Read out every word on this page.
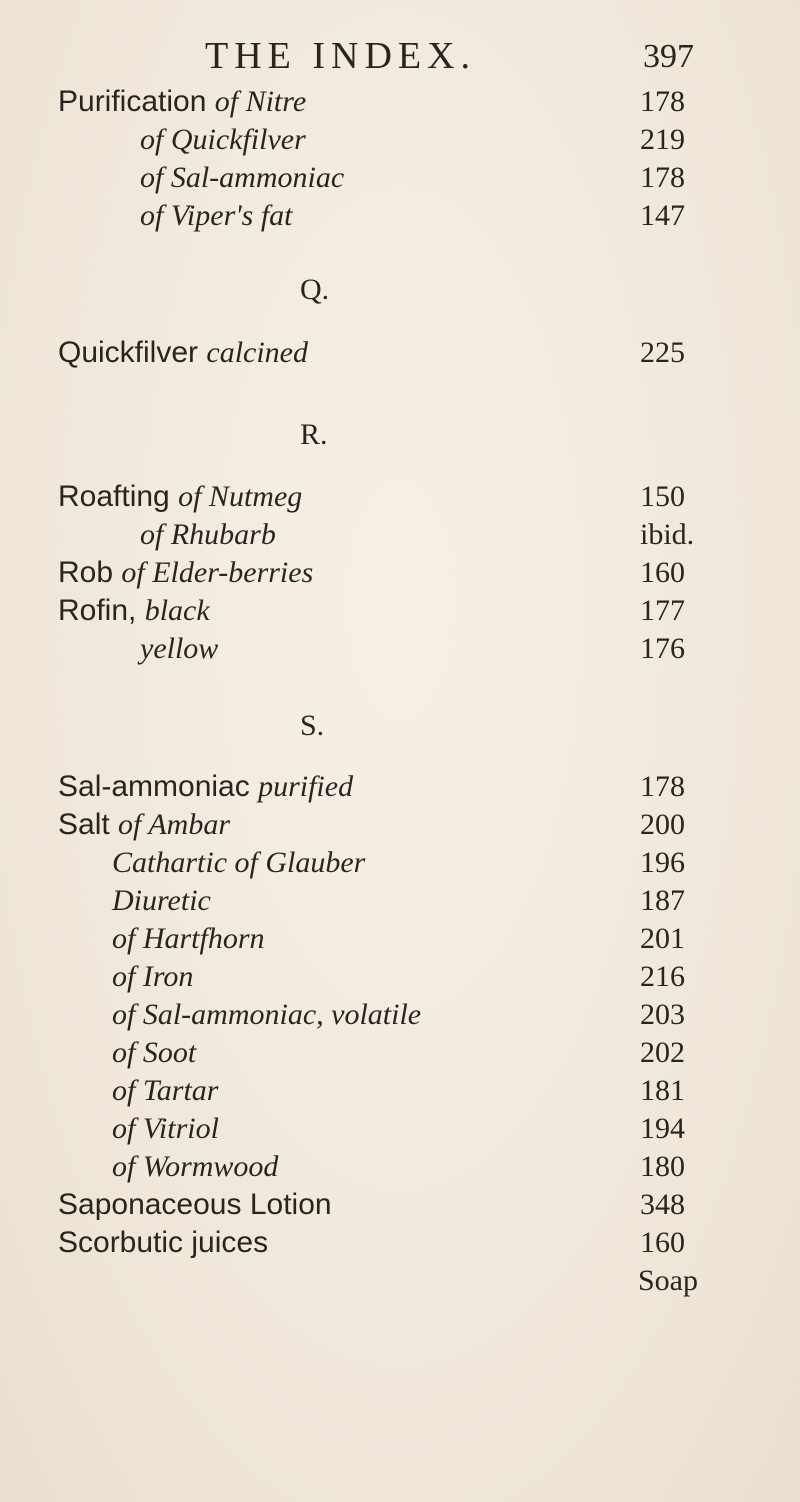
THE INDEX.	397
Purification of Nitre	178
of Quickfilver	219
of Sal-ammoniac	178
of Viper's fat	147
Q.
Quickfilver calcined	225
R.
Roafting of Nutmeg	150
of Rhubarb	ibid.
Rob of Elder-berries	160
Rofin, black	177
yellow	176
S.
Sal-ammoniac purified	178
Salt of Ambar	200
Cathartic of Glauber	196
Diuretic	187
of Hartfhorn	201
of Iron	216
of Sal-ammoniac, volatile	203
of Soot	202
of Tartar	181
of Vitriol	194
of Wormwood	180
Saponaceous Lotion	348
Scorbutic juices	160
Soap
